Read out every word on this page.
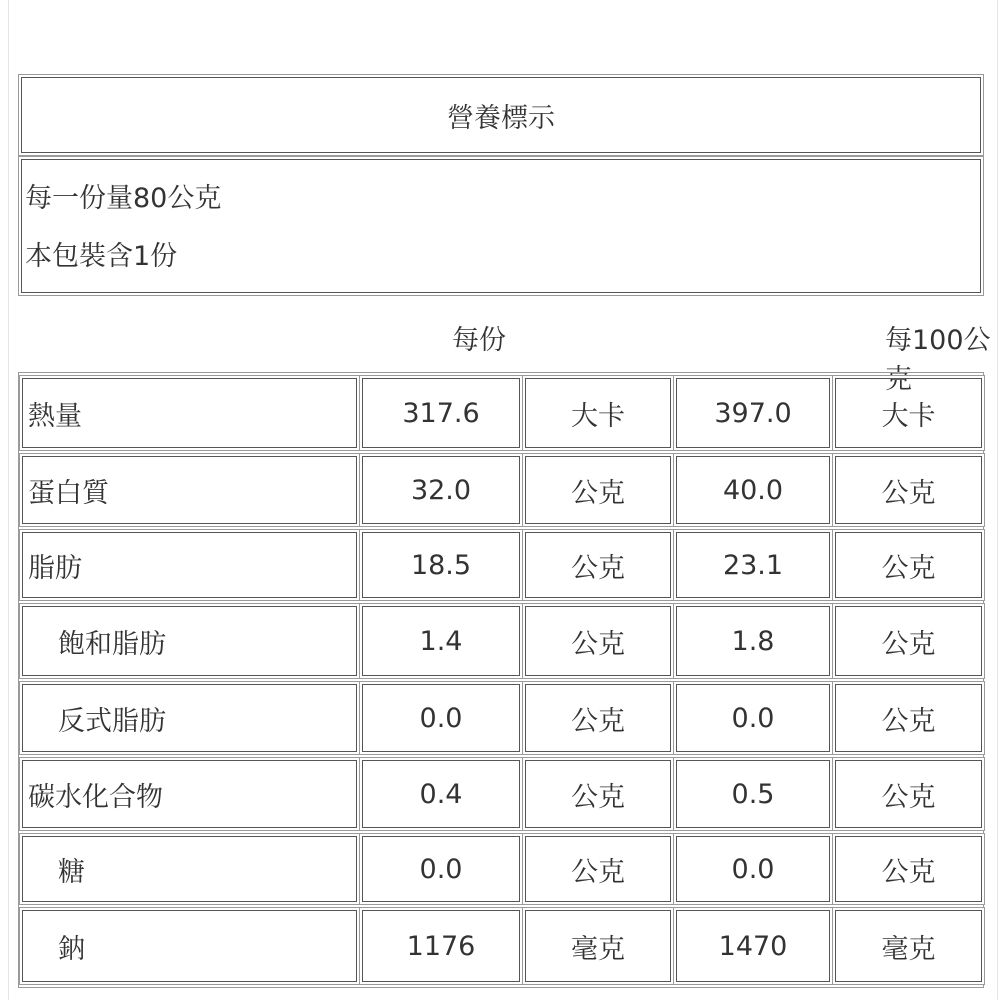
營養標示
每一份量80公克
本包裝含1份
每份	每100公克
熱量	317.6	大卡	397.0	大卡
蛋白質	32.0	公克	40.0	公克
脂肪	18.5	公克	23.1	公克
飽和脂肪	1.4	公克	1.8	公克
反式脂肪	0.0	公克	0.0	公克
碳水化合物	0.4	公克	0.5	公克
糖	0.0	公克	0.0	公克
鈉	1176	毫克	1470	毫克
